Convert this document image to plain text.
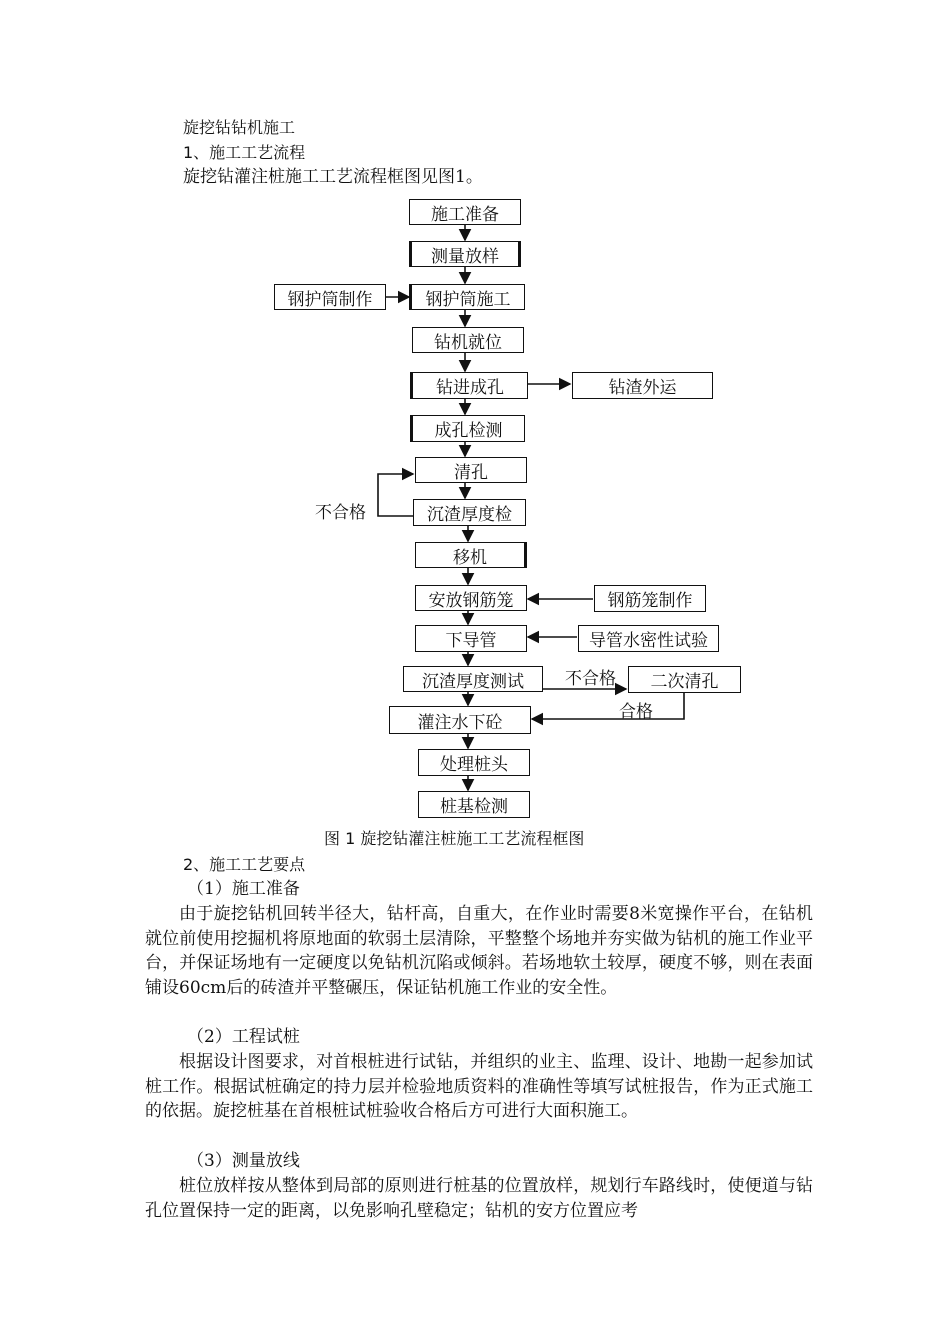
旋挖钻钻机施工
1、施工工艺流程
旋挖钻灌注桩施工工艺流程框图见图1。
施工准备
测量放样
钢护筒施工
钻机就位
钻进成孔
成孔检测
清孔
沉渣厚度检
移机
安放钢筋笼
下导管
沉渣厚度测试
灌注水下砼
处理桩头
桩基检测
钢护筒制作
钻渣外运
钢筋笼制作
导管水密性试验
二次清孔
不合格
不合格
合格
图 1 旋挖钻灌注桩施工工艺流程框图
2、施工工艺要点
（1）施工准备

由于旋挖钻机回转半径大，钻杆高，自重大，在作业时需要8米宽操作平台，在钻机就位前使用挖掘机将原地面的软弱土层清除，平整整个场地并夯实做为钻机的施工作业平台，并保证场地有一定硬度以免钻机沉陷或倾斜。若场地软土较厚，硬度不够，则在表面铺设60cm后的砖渣并平整碾压，保证钻机施工作业的安全性。

（2）工程试桩

根据设计图要求，对首根桩进行试钻，并组织的业主、监理、设计、地勘一起参加试桩工作。根据试桩确定的持力层并检验地质资料的准确性等填写试桩报告，作为正式施工的依据。旋挖桩基在首根桩试桩验收合格后方可进行大面积施工。

（3）测量放线

桩位放样按从整体到局部的原则进行桩基的位置放样，规划行车路线时，使便道与钻孔位置保持一定的距离，以免影响孔壁稳定；钻机的安方位置应考
